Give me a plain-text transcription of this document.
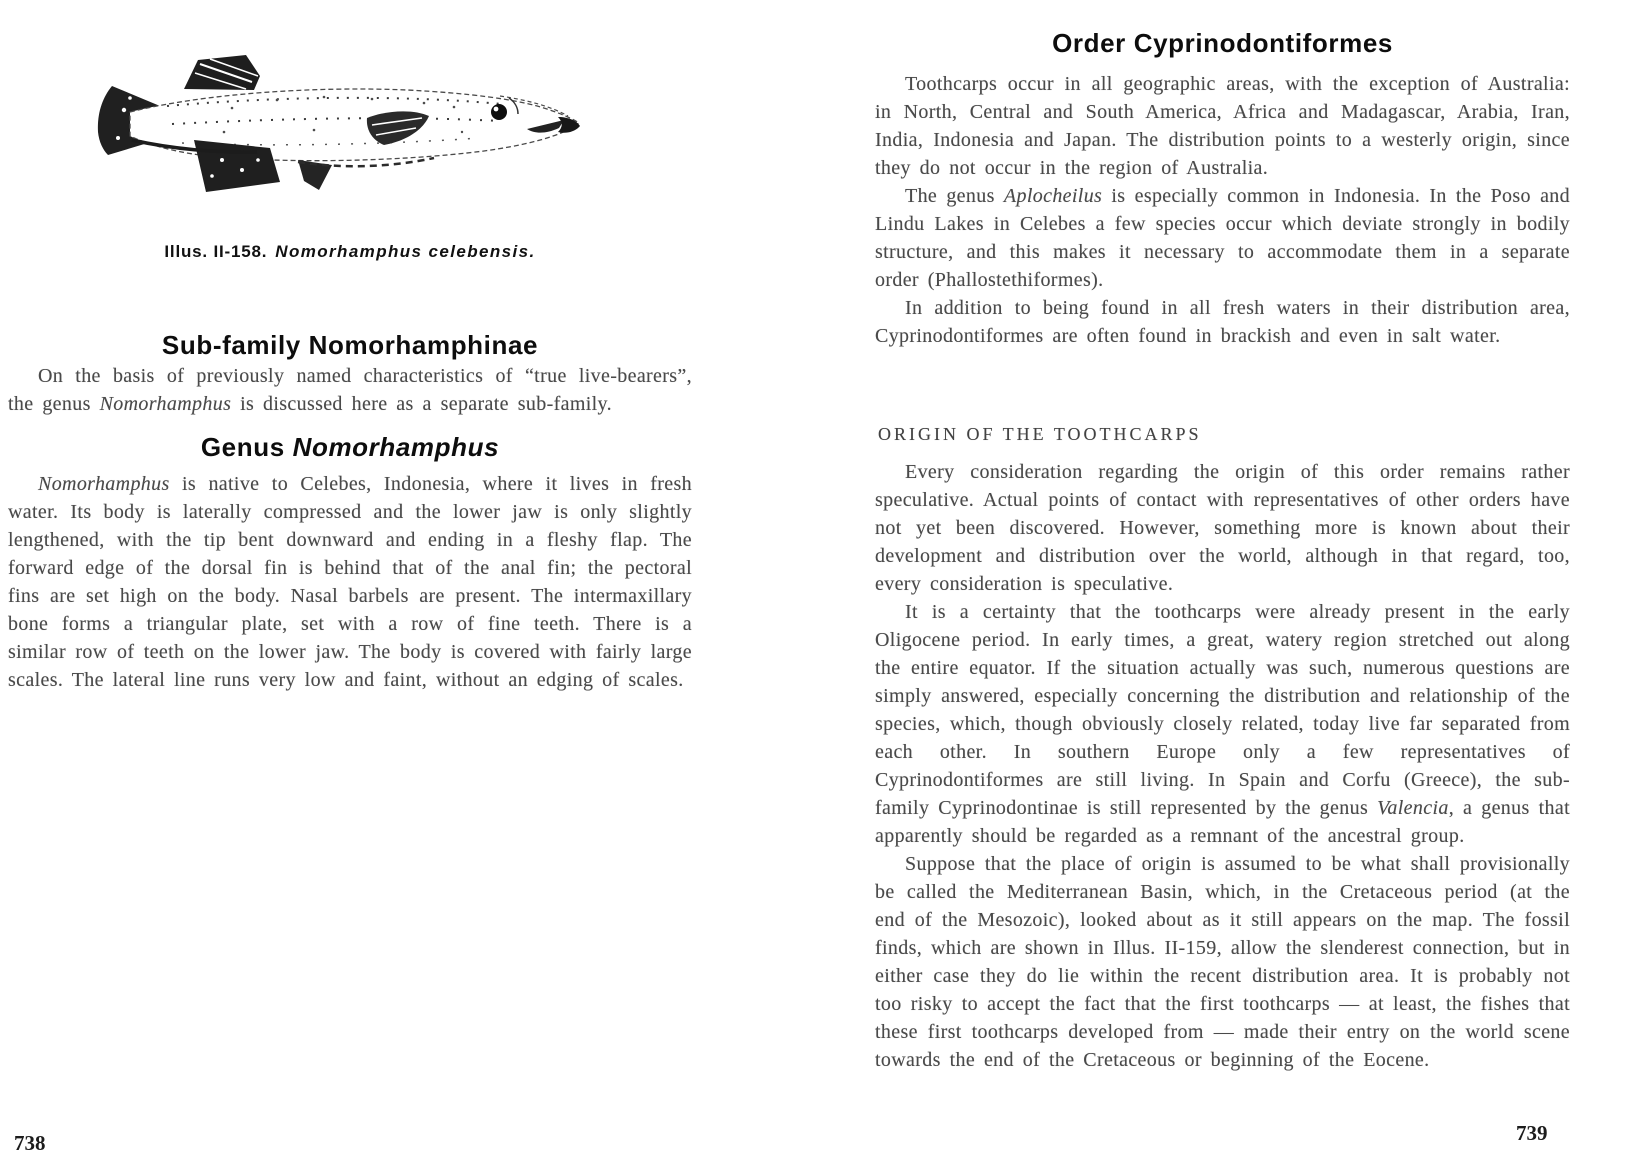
Illus. II-158. Nomorhamphus celebensis.
Sub-family Nomorhamphinae

On the basis of previously named characteristics of “true live-bearers”, the genus Nomorhamphus is discussed here as a separate sub-family.

Genus Nomorhamphus

Nomorhamphus is native to Celebes, Indonesia, where it lives in fresh water. Its body is laterally compressed and the lower jaw is only slightly lengthened, with the tip bent downward and ending in a fleshy flap. The forward edge of the dorsal fin is behind that of the anal fin; the pectoral fins are set high on the body. Nasal barbels are present. The intermaxillary bone forms a triangular plate, set with a row of fine teeth. There is a similar row of teeth on the lower jaw. The body is covered with fairly large scales. The lateral line runs very low and faint, without an edging of scales.

738
Order Cyprinodontiformes

Toothcarps occur in all geographic areas, with the exception of Australia: in North, Central and South America, Africa and Madagascar, Arabia, Iran, India, Indonesia and Japan. The distribution points to a westerly origin, since they do not occur in the region of Australia.

The genus Aplocheilus is especially common in Indonesia. In the Poso and Lindu Lakes in Celebes a few species occur which deviate strongly in bodily structure, and this makes it necessary to accommodate them in a separate order (Phallostethiformes).

In addition to being found in all fresh waters in their distribution area, Cyprinodontiformes are often found in brackish and even in salt water.

ORIGIN OF THE TOOTHCARPS

Every consideration regarding the origin of this order remains rather speculative. Actual points of contact with representatives of other orders have not yet been discovered. However, something more is known about their development and distribution over the world, although in that regard, too, every consideration is speculative.

It is a certainty that the toothcarps were already present in the early Oligocene period. In early times, a great, watery region stretched out along the entire equator. If the situation actually was such, numerous questions are simply answered, especially concerning the distribution and relationship of the species, which, though obviously closely related, today live far separated from each other. In southern Europe only a few representatives of Cyprinodontiformes are still living. In Spain and Corfu (Greece), the sub-family Cyprinodontinae is still represented by the genus Valencia, a genus that apparently should be regarded as a remnant of the ancestral group.

Suppose that the place of origin is assumed to be what shall provisionally be called the Mediterranean Basin, which, in the Cretaceous period (at the end of the Mesozoic), looked about as it still appears on the map. The fossil finds, which are shown in Illus. II-159, allow the slenderest connection, but in either case they do lie within the recent distribution area. It is probably not too risky to accept the fact that the first toothcarps — at least, the fishes that these first toothcarps developed from — made their entry on the world scene towards the end of the Cretaceous or beginning of the Eocene.

739
